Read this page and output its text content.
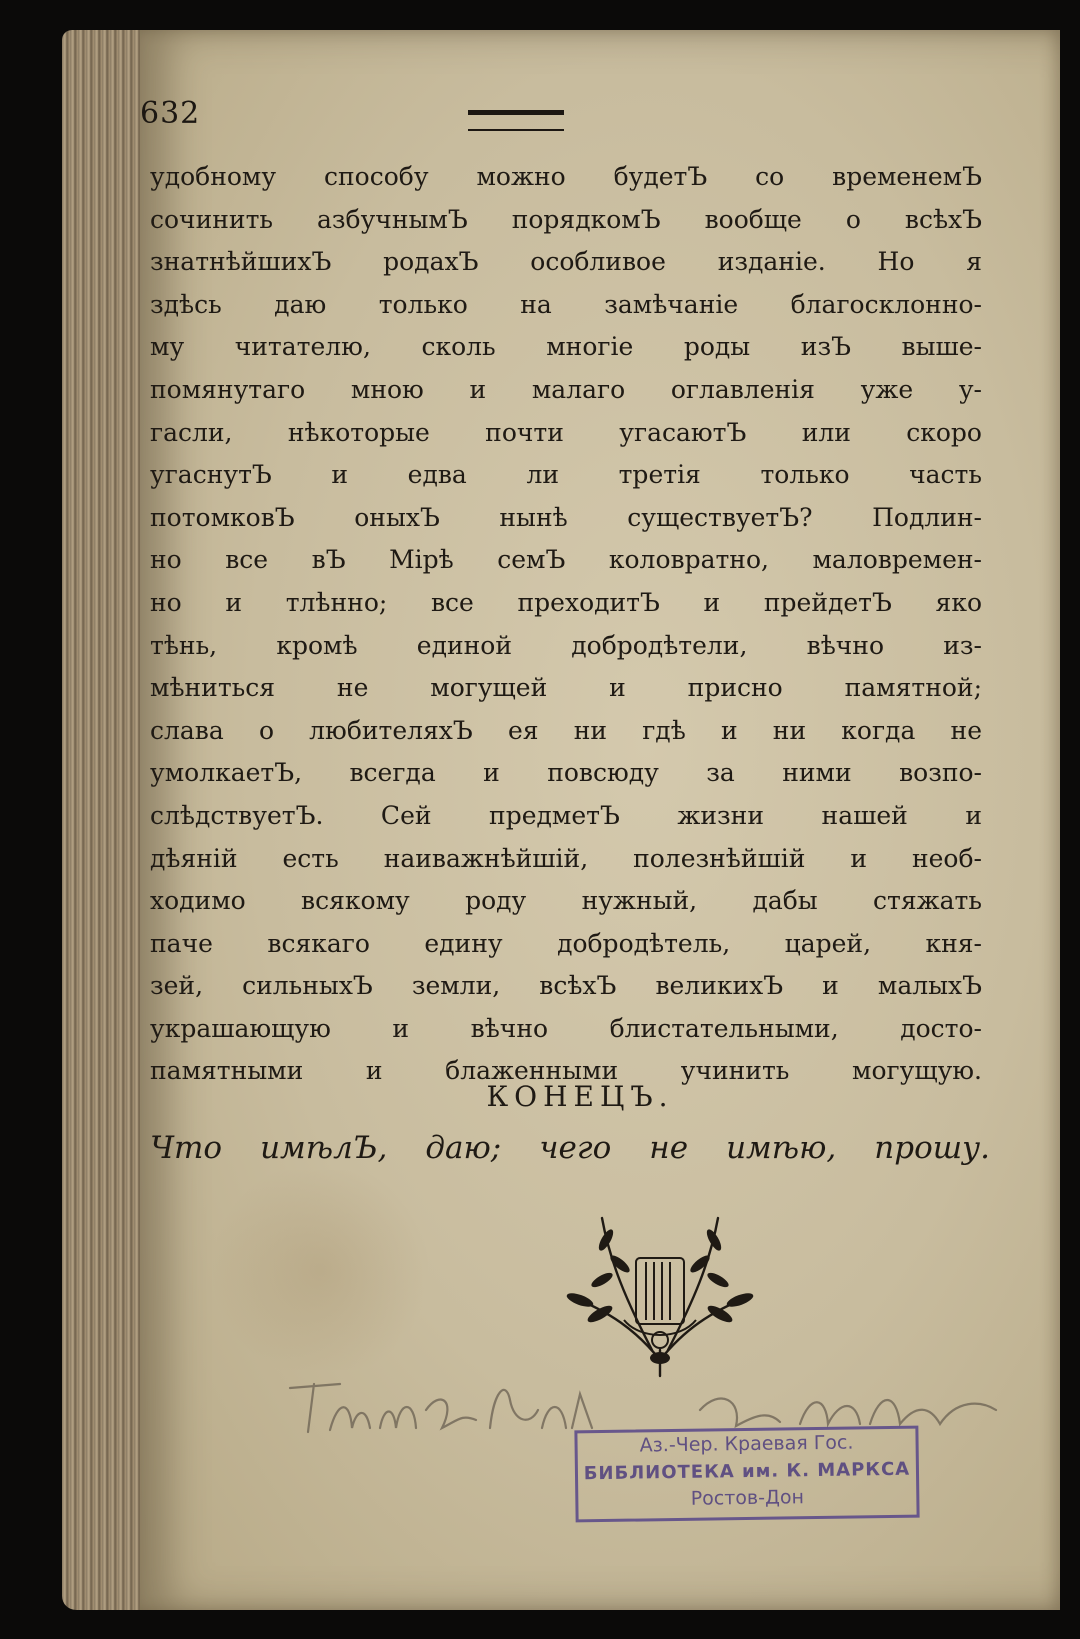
632
удобному способу можно будетЪ со временемЪ
сочинить азбучнымЪ порядкомЪ вообще о всѣхЪ
знатнѣйшихЪ родахЪ особливое изданіе. Но я
здѣсь даю только на замѣчаніе благосклонно-
му читателю, сколь многіе роды изЪ выше-
помянутаго мною и малаго оглавленія уже у-
гасли, нѣкоторые почти угасаютЪ или скоро
угаснутЪ и едва ли третія только часть
потомковЪ оныхЪ нынѣ существуетЪ? Подлин-
но все вЪ Мірѣ семЪ коловратно, маловремен-
но и тлѣнно; все преходитЪ и прейдетЪ яко
тѣнь, кромѣ единой добродѣтели, вѣчно из-
мѣниться не могущей и присно памятной;
слава о любителяхЪ ея ни гдѣ и ни когда не
умолкаетЪ, всегда и повсюду за ними возпо-
слѣдствуетЪ. Сей предметЪ жизни нашей и
дѣяній есть наиважнѣйшій, полезнѣйшій и необ-
ходимо всякому роду нужный, дабы стяжать
паче всякаго едину добродѣтель, царей, кня-
зей, сильныхЪ земли, всѣхЪ великихЪ и малыхЪ
украшающую и вѣчно блистательными, достo-
памятными и блаженными учинить могущую.
КОНЕЦЪ.
Что имѣлЪ, даю; чего не имѣю, прошу.
Аз.-Чер. Краевая Гос.
БИБЛИОТЕКА им. К. МАРКСА
Ростов-Дон
